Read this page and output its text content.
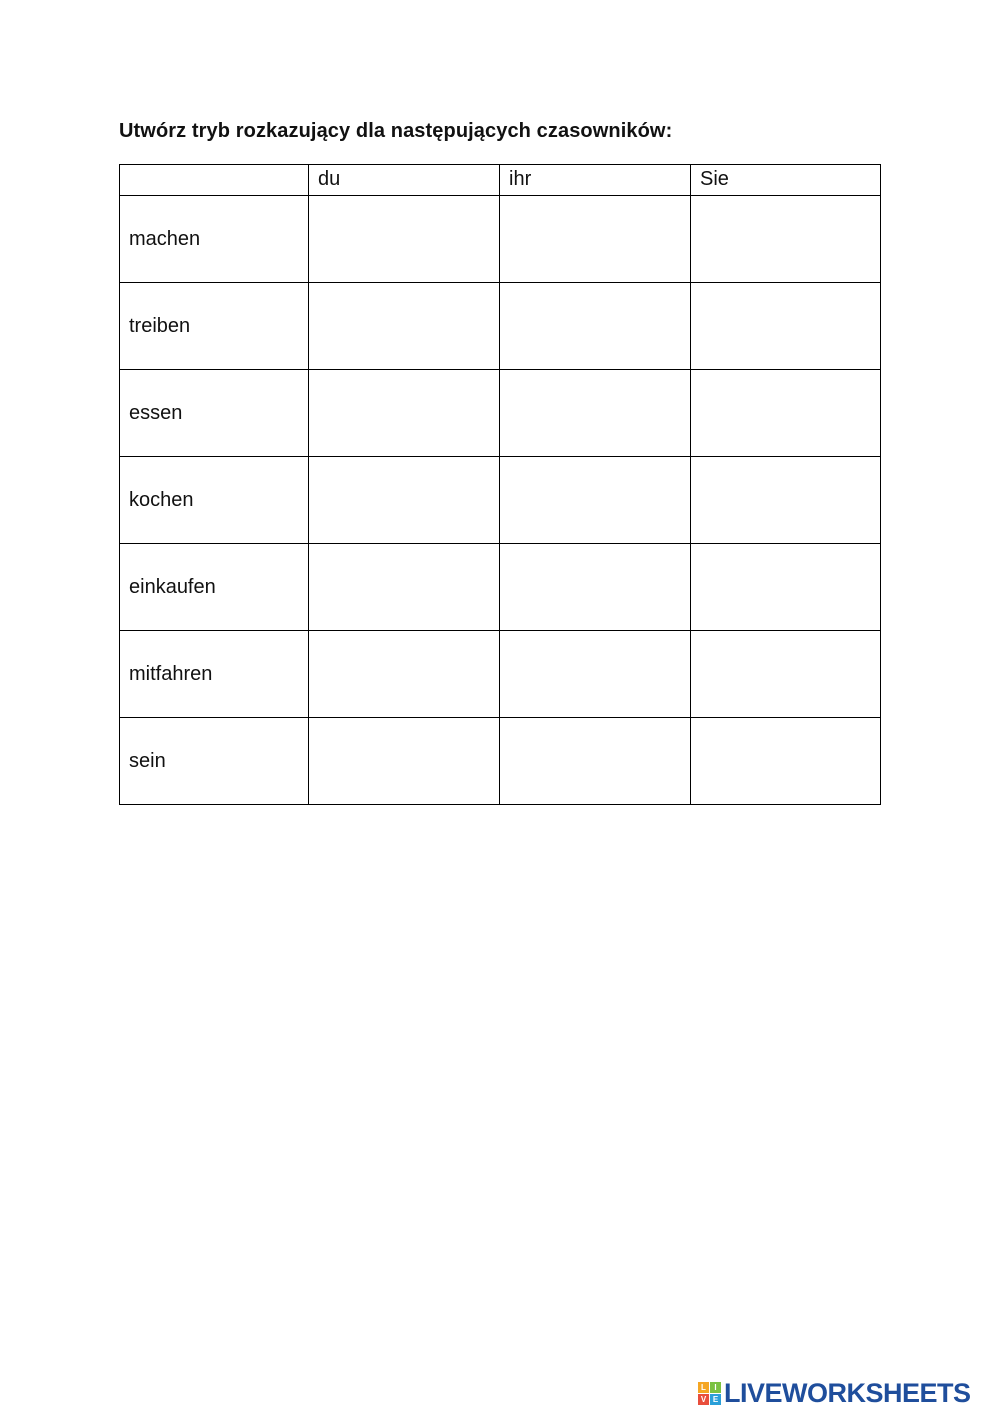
Utwórz tryb rozkazujący dla następujących czasowników:
	du	ihr	Sie
machen			
treiben			
essen			
kochen			
einkaufen			
mitfahren			
sein			
L	I
V E LIVEWORKSHEETS
